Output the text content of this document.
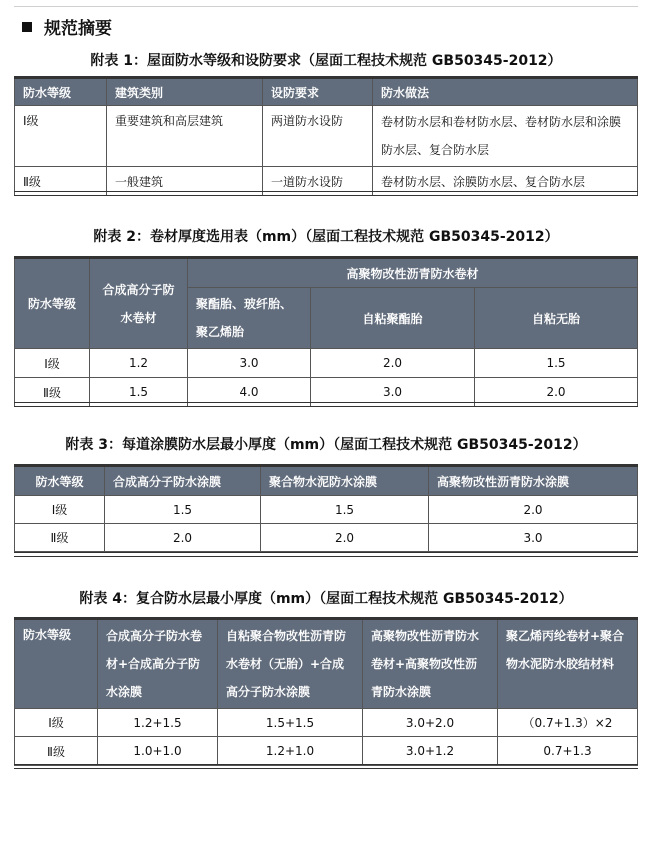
规范摘要
附表 1：屋面防水等级和设防要求（屋面工程技术规范 GB50345-2012）
防水等级	建筑类别	设防要求	防水做法
Ⅰ级	重要建筑和高层建筑	两道防水设防	卷材防水层和卷材防水层、卷材防水层和涂膜防水层、复合防水层
Ⅱ级	一般建筑	一道防水设防	卷材防水层、涂膜防水层、复合防水层
附表 2：卷材厚度选用表（mm）（屋面工程技术规范 GB50345-2012）
防水等级	合成高分子防水卷材	高聚物改性沥青防水卷材		
		聚酯胎、玻纤胎、聚乙烯胎	自粘聚酯胎	自粘无胎
Ⅰ级	1.2	3.0	2.0	1.5
Ⅱ级	1.5	4.0	3.0	2.0
附表 3：每道涂膜防水层最小厚度（mm）（屋面工程技术规范 GB50345-2012）
防水等级	合成高分子防水涂膜	聚合物水泥防水涂膜	高聚物改性沥青防水涂膜
Ⅰ级	1.5	1.5	2.0
Ⅱ级	2.0	2.0	3.0
附表 4：复合防水层最小厚度（mm）（屋面工程技术规范 GB50345-2012）
防水等级	合成高分子防水卷材+合成高分子防水涂膜	自粘聚合物改性沥青防水卷材（无胎）+合成高分子防水涂膜	高聚物改性沥青防水卷材+高聚物改性沥青防水涂膜	聚乙烯丙纶卷材+聚合物水泥防水胶结材料
Ⅰ级	1.2+1.5	1.5+1.5	3.0+2.0	（0.7+1.3）×2
Ⅱ级	1.0+1.0	1.2+1.0	3.0+1.2	0.7+1.3
